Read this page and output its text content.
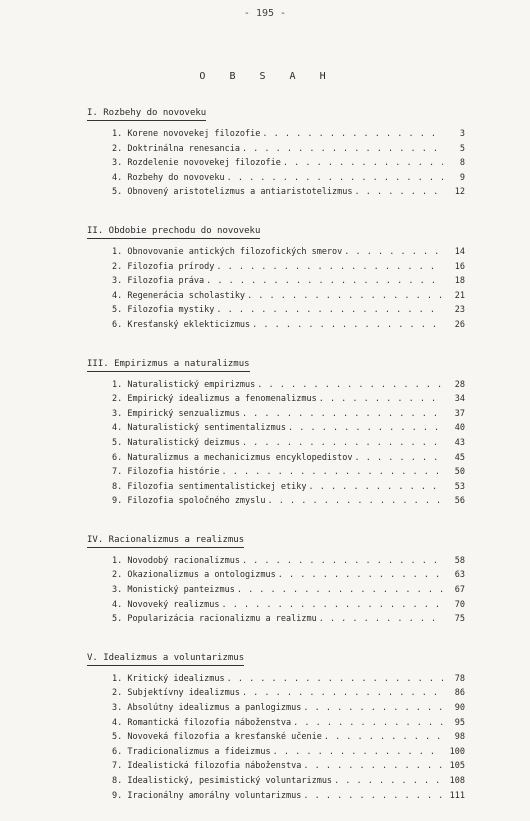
- 195 -
O B S A H
I. Rozbehy do novoveku
1. Korene novovekej filozofie . . .	3
2. Doktrinálna renesancia . . .	5
3. Rozdelenie novovekej filozofie . . .	8
4. Rozbehy do novoveku . . .	9
5. Obnovený aristotelizmus a antiaristotelizmus . . .	12
II. Obdobie prechodu do novoveku
1. Obnovovanie antických filozofických smerov . . .	14
2. Filozofia prírody . . .	16
3. Filozofia práva . . .	18
4. Regenerácia scholastiky . . .	21
5. Filozofia mystiky . . .	23
6. Kresťanský eklekticizmus . . .	26
III. Empirizmus a naturalizmus
1. Naturalistický empirizmus . . .	28
2. Empirický idealizmus a fenomenalizmus . . .	34
3. Empirický senzualizmus . . .	37
4. Naturalistický sentimentalizmus . . .	40
5. Naturalistický deizmus . . .	43
6. Naturalizmus a mechanicizmus encyklopedistov . . .	45
7. Filozofia histórie . . .	50
8. Filozofia sentimentalistickej etiky . . .	53
9. Filozofia spoločného zmyslu . . .	56
IV. Racionalizmus a realizmus
1. Novodobý racionalizmus . . .	58
2. Okazionalizmus a ontologizmus . . .	63
3. Monistický panteizmus . . .	67
4. Novoveký realizmus . . .	70
5. Popularizácia racionalizmu a realizmu . . .	75
V. Idealizmus a voluntarizmus
1. Kritický idealizmus . . .	78
2. Subjektívny idealizmus . . .	86
3. Absolútny idealizmus a panlogizmus . . .	90
4. Romantická filozofia náboženstva . . .	95
5. Novoveká filozofia a kresťanské učenie . . .	98
6. Tradicionalizmus a fideizmus . . .	100
7. Idealistická filozofia náboženstva . . .	105
8. Idealistický, pesimistický voluntarizmus . . .	108
9. Iracionálny amorálny voluntarizmus . . .	111
